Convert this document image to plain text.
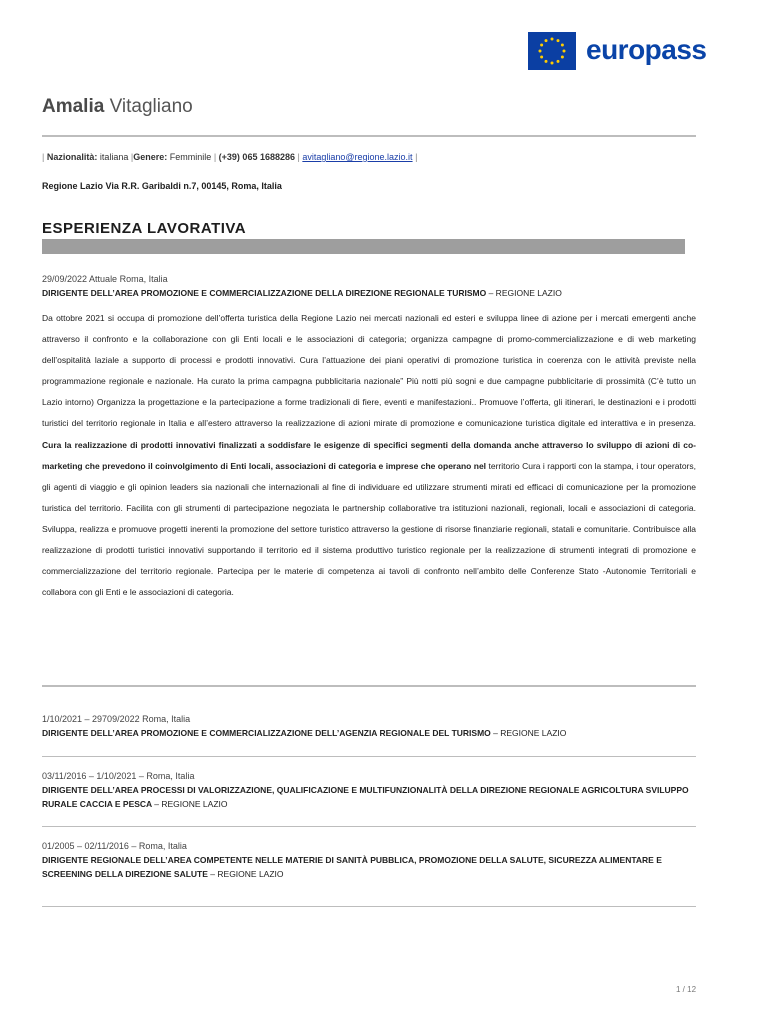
europass
Amalia Vitagliano
| Nazionalità: italiana |Genere: Femminile | (+39) 065 1688286 | avitagliano@regione.lazio.it |
Regione Lazio Via R.R. Garibaldi n.7, 00145, Roma, Italia
ESPERIENZA LAVORATIVA
29/09/2022 Attuale Roma, Italia
DIRIGENTE DELL’AREA PROMOZIONE E COMMERCIALIZZAZIONE DELLA DIREZIONE REGIONALE TURISMO – REGIONE LAZIO
Da ottobre 2021 si occupa di promozione dell’offerta turistica della Regione Lazio nei mercati nazionali ed esteri e sviluppa linee di azione per i mercati emergenti anche attraverso il confronto e la collaborazione con gli Enti locali e le associazioni di categoria; organizza campagne di promo-commercializzazione e di web marketing dell’ospitalità laziale a supporto di processi e prodotti innovativi. Cura l’attuazione dei piani operativi di promozione turistica in coerenza con le attività previste nella programmazione regionale e nazionale. Ha curato la prima campagna pubblicitaria nazionale” Più notti più sogni e due campagne pubblicitarie di prossimità (C’è tutto un Lazio intorno) Organizza la progettazione e la partecipazione a forme tradizionali di fiere, eventi e manifestazioni.. Promuove l’offerta, gli itinerari, le destinazioni e i prodotti turistici del territorio regionale in Italia e all’estero attraverso la realizzazione di azioni mirate di promozione e comunicazione turistica digitale ed interattiva e in presenza. Cura la realizzazione di prodotti innovativi finalizzati a soddisfare le esigenze di specifici segmenti della domanda anche attraverso lo sviluppo di azioni di co-marketing che prevedono il coinvolgimento di Enti locali, associazioni di categoria e imprese che operano nel territorio Cura i rapporti con la stampa, i tour operators, gli agenti di viaggio e gli opinion leaders sia nazionali che internazionali al fine di individuare ed utilizzare strumenti mirati ed efficaci di comunicazione per la promozione turistica del territorio. Facilita con gli strumenti di partecipazione negoziata le partnership collaborative tra istituzioni nazionali, regionali, locali e associazioni di categoria. Sviluppa, realizza e promuove progetti inerenti la promozione del settore turistico attraverso la gestione di risorse finanziarie regionali, statali e comunitarie. Contribuisce alla realizzazione di prodotti turistici innovativi supportando il territorio ed il sistema produttivo turistico regionale per la realizzazione di strumenti integrati di promozione e commercializzazione del territorio regionale. Partecipa per le materie di competenza ai tavoli di confronto nell’ambito delle Conferenze Stato -Autonomie Territoriali e collabora con gli Enti e le associazioni di categoria.
1/10/2021 – 29709/2022 Roma, Italia
DIRIGENTE DELL’AREA PROMOZIONE E COMMERCIALIZZAZIONE DELL’AGENZIA REGIONALE DEL TURISMO – REGIONE LAZIO
03/11/2016 – 1/10/2021 – Roma, Italia
DIRIGENTE DELL’AREA PROCESSI DI VALORIZZAZIONE, QUALIFICAZIONE E MULTIFUNZIONALITÀ DELLA DIREZIONE REGIONALE AGRICOLTURA SVILUPPO RURALE CACCIA E PESCA – REGIONE LAZIO
01/2005 – 02/11/2016 – Roma, Italia
DIRIGENTE REGIONALE DELL’AREA COMPETENTE NELLE MATERIE DI SANITÀ PUBBLICA, PROMOZIONE DELLA SALUTE, SICUREZZA ALIMENTARE E SCREENING DELLA DIREZIONE SALUTE – REGIONE LAZIO
1 / 12
